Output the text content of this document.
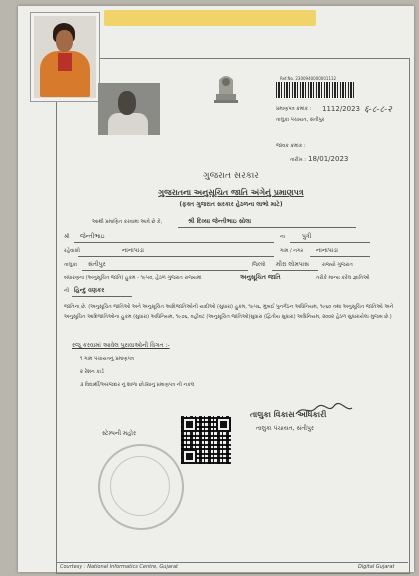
Ref.No. 2300940000001112
પ્રમાણપત્ર ક્રમાંક : 1112/2023 ६-८-८-२
તાલુકા પંચાયત, સંતીપુર
જાવક ક્રમાંક :
તારીખ : 18/01/2023
ગુજરાત સરકાર
ગુજરાતના અનુસૂચિત જાતિ અંગેનું પ્રમાણપત્ર
(ફક્ત ગુજરાત સરકાર હેઠળના લાભો માટે)
આથી પ્રમાણિત કરવામાં આવે છે કે,	શ્રી દિવ્યા જેન્તીભાઇ સોલા
શ્રી જેન્તીભાઇ	ના	પુત્રી
રહેવાસી	નાનાપાડા	ગામ / નગર નાનાપાડા
તાલુકા સંતીપુર	જિલ્લો મીરા લોમપાસ	રાજ્યો ગુજરાત
બંધારણના (અનુસૂચિત જાતિ) હુકમ - ૧૯૫૦, હેઠળ ગુજરાત રાજ્યમાં	અનુસૂચિત જાતિ	તરીકે માન્ય કરેલ જ્ઞાતિઓ
ની હિન્દુ વણકર
જાતિના છે. (અનુસૂચિત જાતિઓ અને અનુસૂચિત આદિજાતિઓની યાદીઓ (સુધારા) હુકમ, ૧૯૫૬, મુંબઈ પુનર્ગઠન અધિનિયમ, ૧૯૬૦ તથા અનુસૂચિત જાતિઓ અને અનુસૂચિત આદિજાતિઓના હુકમ (સુધારા) અધિનિયમ, ૧૯૭૬, વહીવટ (અનુસૂચિત જાતિઓ)સુધારા (દ્વિતીય સુધારા) અધિનિયમ, ૨૦૦૨ હેઠળ સુધારાયેલા મુજબ છે.)
રજૂ કરવામાં આવેલ પુરાવાઓની વિગત :-
૧ ગામ પંચાયતનું પ્રમાણપત્ર
૨ રેશન કાર્ડ
૩ વિદ્યાર્થી/અરજદાર નું શાળા છોડ્યાનું પ્રમાણપત્ર ની નકલ
સ્ટેમ્પની મહોર
તાલુકા વિકાસ અધિકારી
તાલુકા પંચાયત, સંતીપુર
Courtesy : National Informatics Centre, Gujarat	Digital Gujarat
